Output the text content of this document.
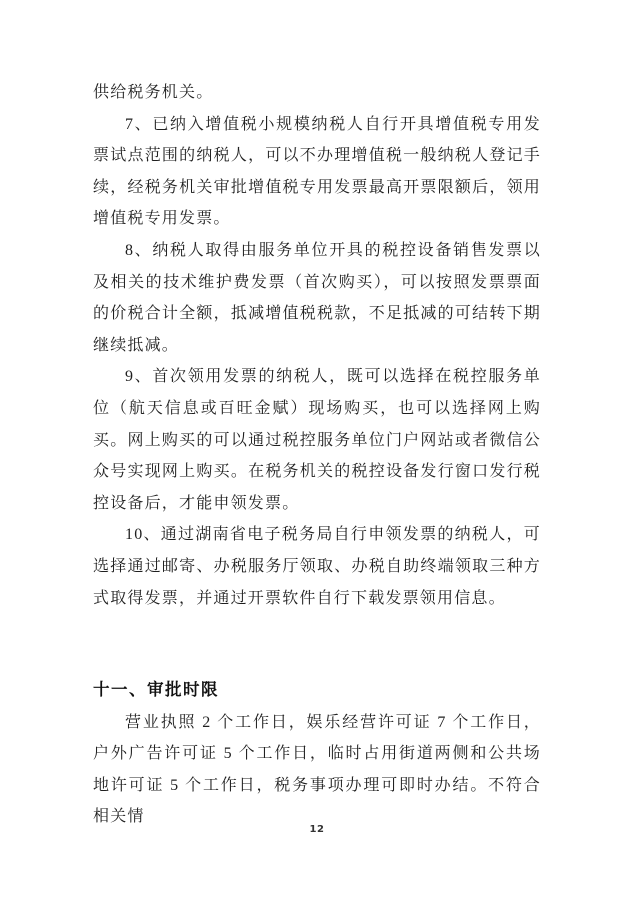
供给税务机关。

7、已纳入增值税小规模纳税人自行开具增值税专用发票试点范围的纳税人，可以不办理增值税一般纳税人登记手续，经税务机关审批增值税专用发票最高开票限额后，领用增值税专用发票。

8、纳税人取得由服务单位开具的税控设备销售发票以及相关的技术维护费发票（首次购买），可以按照发票票面的价税合计全额，抵减增值税税款，不足抵减的可结转下期继续抵减。

9、首次领用发票的纳税人，既可以选择在税控服务单位（航天信息或百旺金赋）现场购买，也可以选择网上购买。网上购买的可以通过税控服务单位门户网站或者微信公众号实现网上购买。在税务机关的税控设备发行窗口发行税控设备后，才能申领发票。

10、通过湖南省电子税务局自行申领发票的纳税人，可选择通过邮寄、办税服务厅领取、办税自助终端领取三种方式取得发票，并通过开票软件自行下载发票领用信息。

十一、审批时限

营业执照 2 个工作日，娱乐经营许可证 7 个工作日，户外广告许可证 5 个工作日，临时占用街道两侧和公共场地许可证 5 个工作日，税务事项办理可即时办结。不符合相关情

12
